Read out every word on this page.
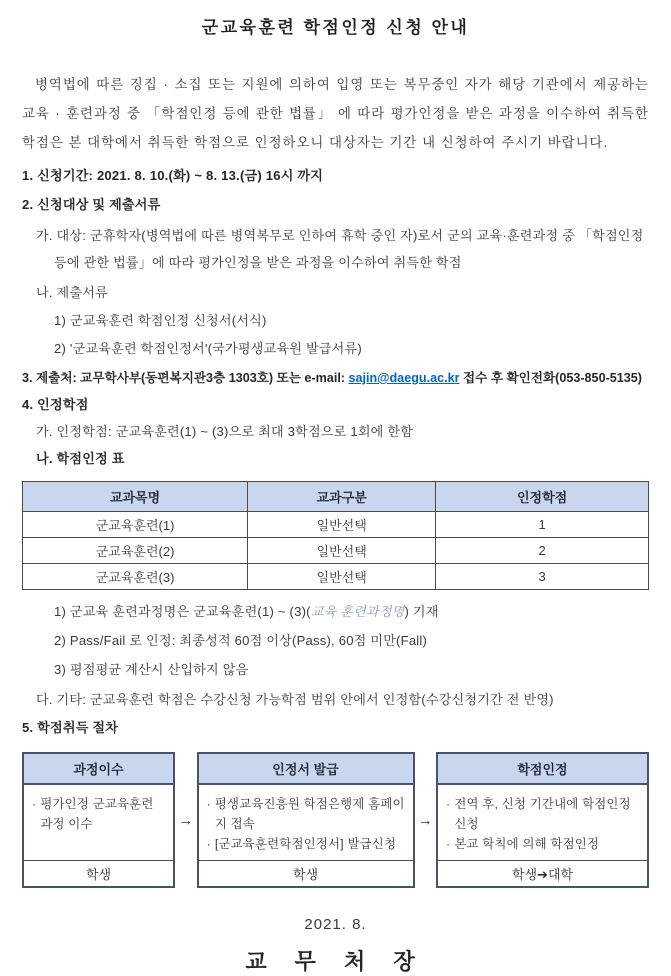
군교육훈련 학점인정 신청 안내

병역법에 따른 징집 · 소집 또는 지원에 의하여 입영 또는 복무중인 자가 해당 기관에서 제공하는 교육 · 훈련과정 중 「학점인정 등에 관한 법률」 에 따라 평가인정을 받은 과정을 이수하여 취득한 학점은 본 대학에서 취득한 학점으로 인정하오니 대상자는 기간 내 신청하여 주시기 바랍니다.

1. 신청기간: 2021. 8. 10.(화) ~ 8. 13.(금) 16시 까지

2. 신청대상 및 제출서류

가. 대상: 군휴학자(병역법에 따른 병역복무로 인하여 휴학 중인 자)로서 군의 교육·훈련과정 중 「학점인정 등에 관한 법률」에 따라 평가인정을 받은 과정을 이수하여 취득한 학점

나. 제출서류

1) 군교육훈련 학점인정 신청서(서식)

2) '군교육훈련 학점인정서'(국가평생교육원 발급서류)

3. 제출처: 교무학사부(동편복지관3층 1303호) 또는 e-mail: sajin@daegu.ac.kr 접수 후 확인전화(053-850-5135)

4. 인정학점

가. 인정학점: 군교육훈련(1) ~ (3)으로 최대 3학점으로 1회에 한함

나. 학점인정 표

교과목명	교과구분	인정학점
군교육훈련(1)	일반선택	1
군교육훈련(2)	일반선택	2
군교육훈련(3)	일반선택	3

1) 군교육 훈련과정명은 군교육훈련(1) ~ (3)(교육 훈련과정명) 기재

2) Pass/Fail 로 인정: 최종성적 60점 이상(Pass), 60점 미만(Fall)

3) 평점평균 계산시 산입하지 않음

다. 기타: 군교육훈련 학점은 수강신청 가능학점 범위 안에서 인정함(수강신청기간 전 반영)

5. 학점취득 절차

과정이수
· 평가인정 군교육훈련 과정 이수
학생
→
인정서 발급
· 평생교육진흥원 학점은행제 홈페이지 접속
· [군교육훈련학점인정서] 발급신청
학생
→
학점인정
· 전역 후, 신청 기간내에 학점인정 신청
· 본교 학칙에 의해 학점인정
학생➔대학

2021. 8.

교 무 처 장
